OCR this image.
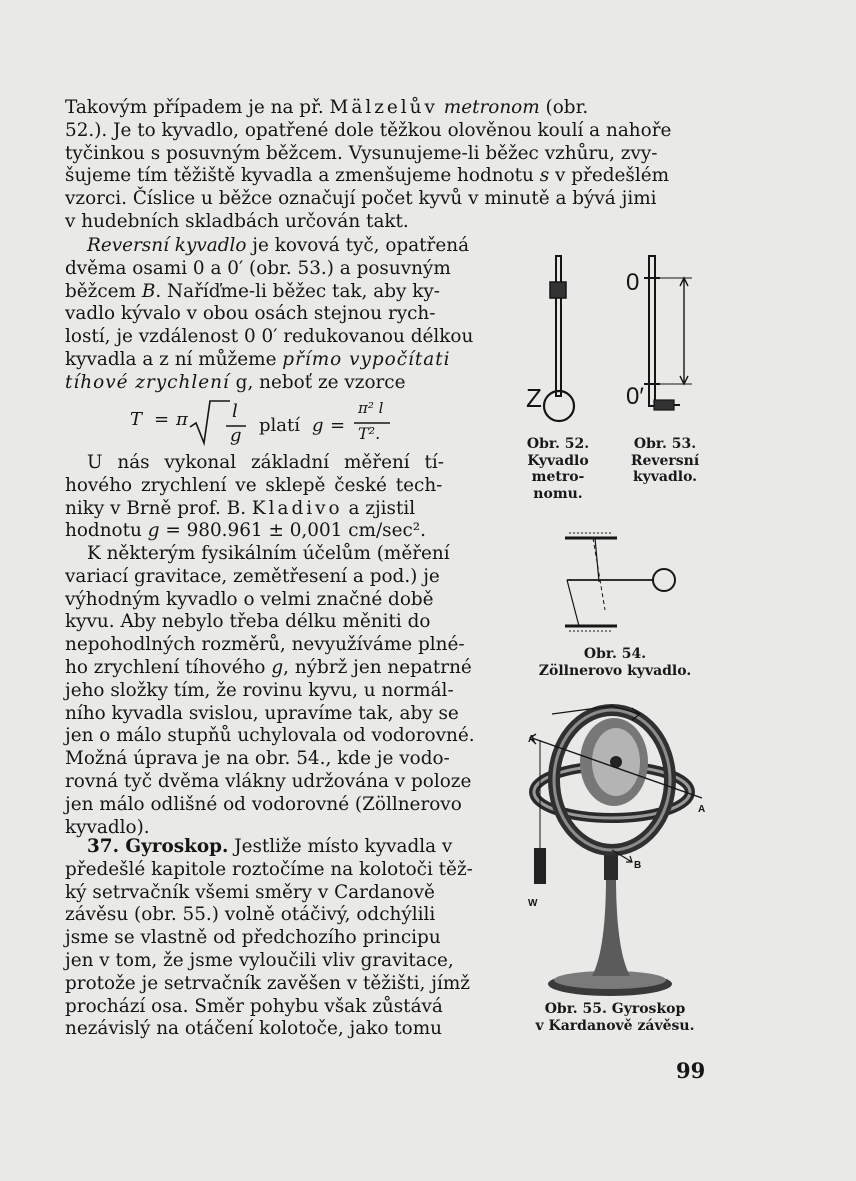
Takovým případem je na př. Mälzelův metronom (obr.
52.). Je to kyvadlo, opatřené dole těžkou olověnou koulí a nahoře
tyčinkou s posuvným běžcem. Vysunujeme-li běžec vzhůru, zvy-
šujeme tím těžiště kyvadla a zmenšujeme hodnotu s v předešlém
vzorci. Číslice u běžce označují počet kyvů v minutě a bývá jimi
v hudebních skladbách určován takt.
Reversní kyvadlo je kovová tyč, opatřená
dvěma osami 0 a 0′ (obr. 53.) a posuvným
běžcem B. Naříďme-li běžec tak, aby ky-
vadlo kývalo v obou osách stejnou rych-
lostí, je vzdálenost 0 0′ redukovanou délkou
kyvadla a z ní můžeme přímo vypočítati
tíhové zrychlení g, neboť ze vzorce
T = π l
g platí g =
π² l
T².
U nás vykonal základní měření tí-
hového zrychlení ve sklepě české tech-
niky v Brně prof. B. Kladivo a zjistil
hodnotu g = 980.961 ± 0,001 cm/sec².
K některým fysikálním účelům (měření
variací gravitace, zemětřesení a pod.) je
výhodným kyvadlo o velmi značné době
kyvu. Aby nebylo třeba délku měniti do
nepohodlných rozměrů, nevyužíváme plné-
ho zrychlení tíhového g, nýbrž jen nepatrné
jeho složky tím, že rovinu kyvu, u normál-
ního kyvadla svislou, upravíme tak, aby se
jen o málo stupňů uchylovala od vodorovné.
Možná úprava je na obr. 54., kde je vodo-
rovná tyč dvěma vlákny udržována v poloze
jen málo odlišné od vodorovné (Zöllnerovo
kyvadlo).
37. Gyroskop. Jestliže místo kyvadla v
předešlé kapitole roztočíme na kolotoči těž-
ký setrvačník všemi směry v Cardanově
závěsu (obr. 55.) volně otáčivý, odchýlili
jsme se vlastně od předchozího principu
jen v tom, že jsme vyloučili vliv gravitace,
protože je setrvačník zavěšen v těžišti, jímž
prochází osa. Směr pohybu však zůstává
nezávislý na otáčení kolotoče, jako tomu
Z
Obr. 52.
Kyvadlo
metro-
nomu.
0
0′
Obr. 53.
Reversní
kyvadlo.
Obr. 54.
Zöllnerovo kyvadlo.
A
A
B
W
Obr. 55. Gyroskop
v Kardanově závěsu.
99
